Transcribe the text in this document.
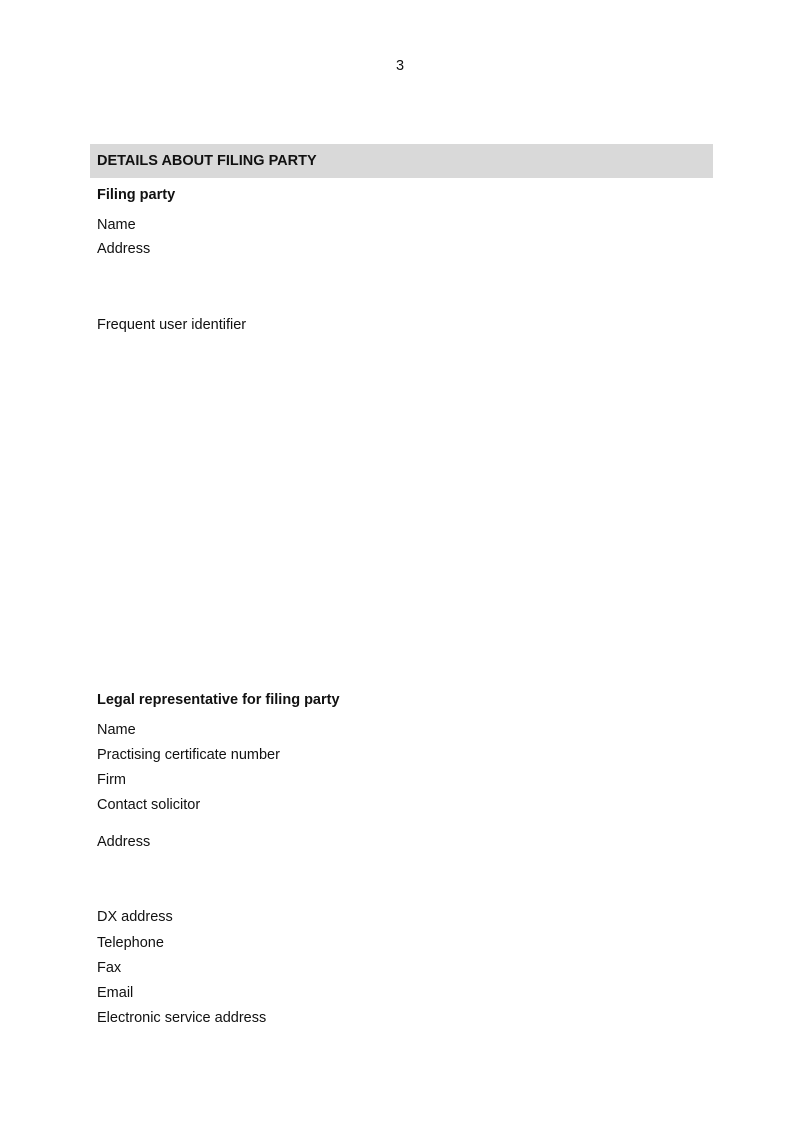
3
DETAILS ABOUT FILING PARTY
Filing party
Name
Address
Frequent user identifier
Legal representative for filing party
Name
Practising certificate number
Firm
Contact solicitor
Address
DX address
Telephone
Fax
Email
Electronic service address
